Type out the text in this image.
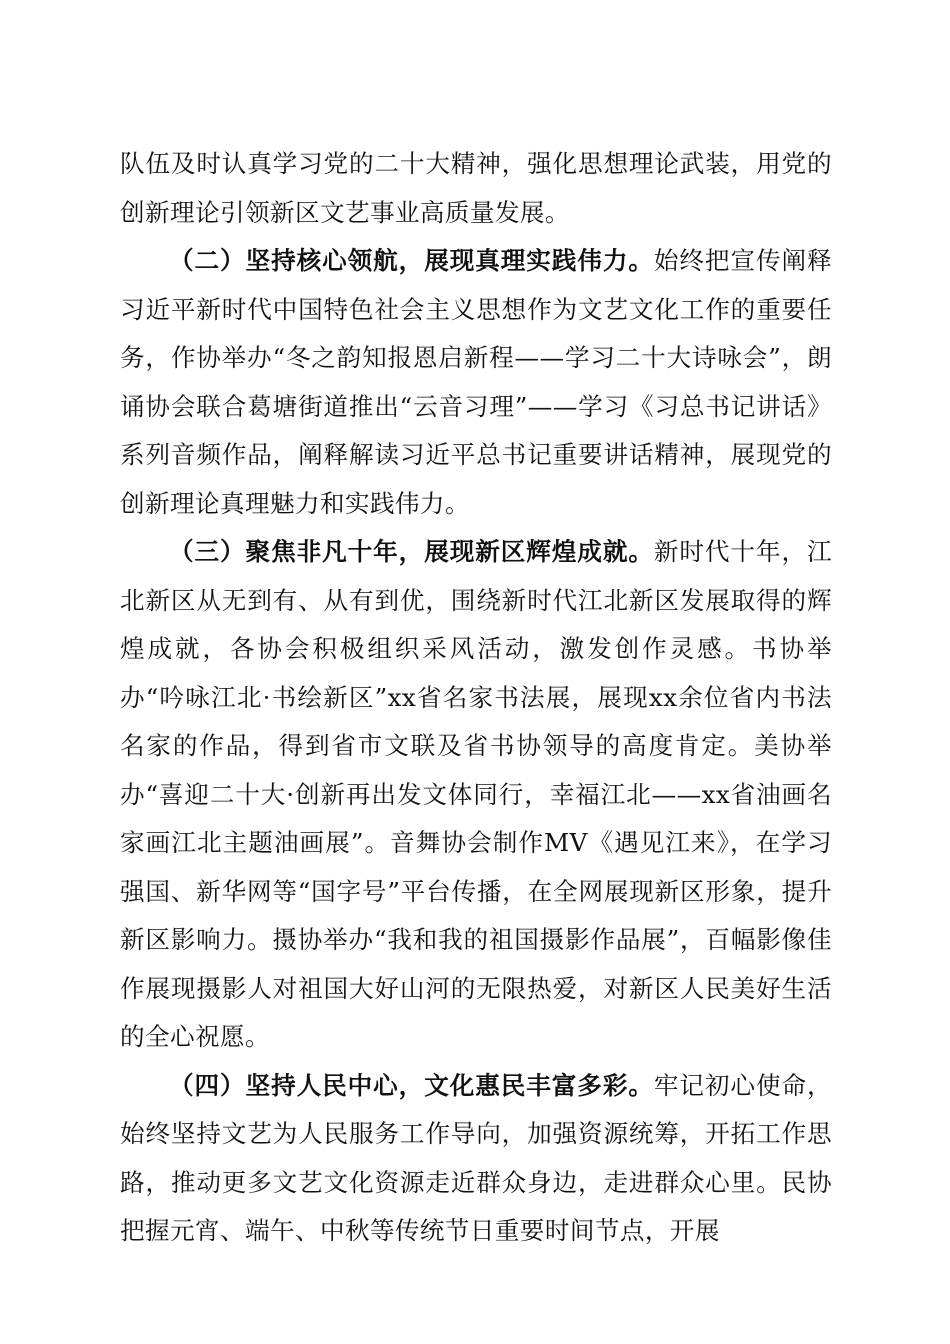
队伍及时认真学习党的二十大精神，强化思想理论武装，用党的创新理论引领新区文艺事业高质量发展。

（二）坚持核心领航，展现真理实践伟力。始终把宣传阐释习近平新时代中国特色社会主义思想作为文艺文化工作的重要任务，作协举办“冬之韵知报恩启新程——学习二十大诗咏会”，朗诵协会联合葛塘街道推出“云音习理”——学习《习总书记讲话》系列音频作品，阐释解读习近平总书记重要讲话精神，展现党的创新理论真理魅力和实践伟力。

（三）聚焦非凡十年，展现新区辉煌成就。新时代十年，江北新区从无到有、从有到优，围绕新时代江北新区发展取得的辉煌成就，各协会积极组织采风活动，激发创作灵感。书协举办“吟咏江北·书绘新区”xx省名家书法展，展现xx余位省内书法名家的作品，得到省市文联及省书协领导的高度肯定。美协举办“喜迎二十大·创新再出发文体同行，幸福江北——xx省油画名家画江北主题油画展”。音舞协会制作MV《遇见江来》，在学习强国、新华网等“国字号”平台传播，在全网展现新区形象，提升新区影响力。摄协举办“我和我的祖国摄影作品展”，百幅影像佳作展现摄影人对祖国大好山河的无限热爱，对新区人民美好生活的全心祝愿。

（四）坚持人民中心，文化惠民丰富多彩。牢记初心使命，始终坚持文艺为人民服务工作导向，加强资源统筹，开拓工作思路，推动更多文艺文化资源走近群众身边，走进群众心里。民协把握元宵、端午、中秋等传统节日重要时间节点，开展
